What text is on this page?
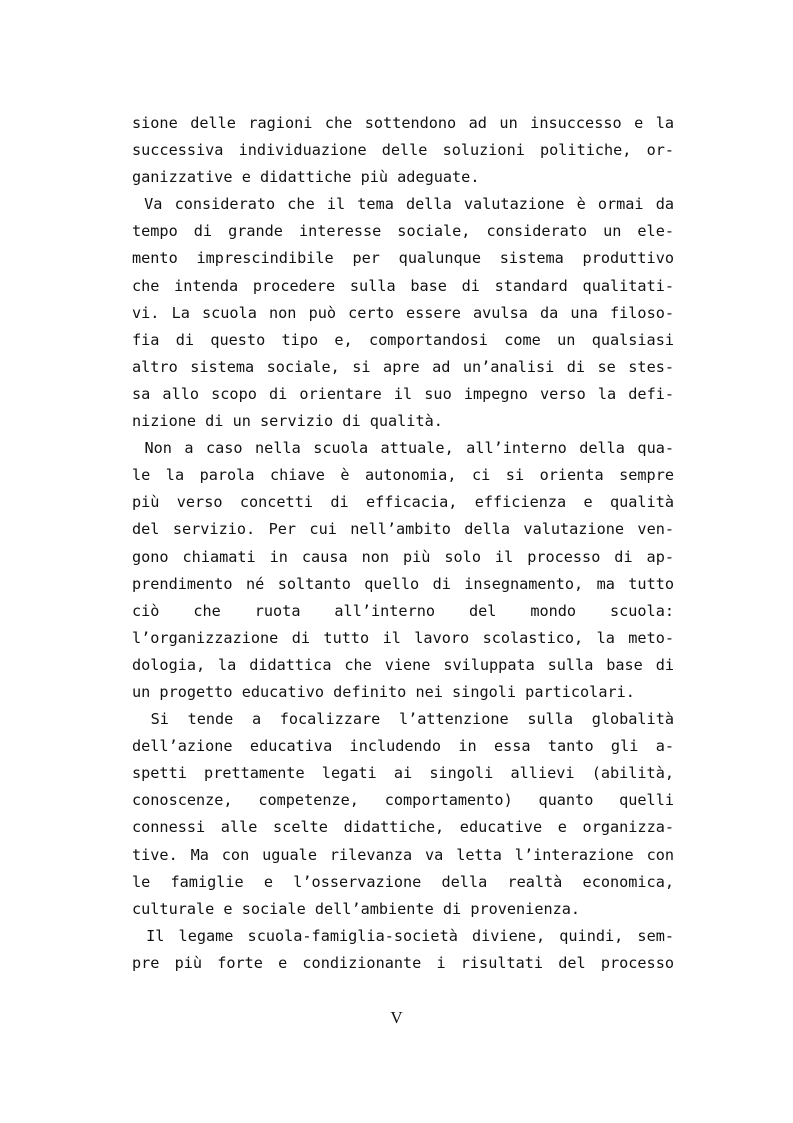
sione delle ragioni che sottendono ad un insuccesso e la
successiva individuazione delle soluzioni politiche, or-
ganizzative e didattiche più adeguate.
Va considerato che il tema della valutazione è ormai da
tempo di grande interesse sociale, considerato un ele-
mento imprescindibile per qualunque sistema produttivo
che intenda procedere sulla base di standard qualitati-
vi. La scuola non può certo essere avulsa da una filoso-
fia di questo tipo e, comportandosi come un qualsiasi
altro sistema sociale, si apre ad un’analisi di se stes-
sa allo scopo di orientare il suo impegno verso la defi-
nizione di un servizio di qualità.
Non a caso nella scuola attuale, all’interno della qua-
le la parola chiave è autonomia, ci si orienta sempre
più verso concetti di efficacia, efficienza e qualità
del servizio. Per cui nell’ambito della valutazione ven-
gono chiamati in causa non più solo il processo di ap-
prendimento né soltanto quello di insegnamento, ma tutto
ciò che ruota all’interno del mondo scuola:
l’organizzazione di tutto il lavoro scolastico, la meto-
dologia, la didattica che viene sviluppata sulla base di
un progetto educativo definito nei singoli particolari.
Si tende a focalizzare l’attenzione sulla globalità
dell’azione educativa includendo in essa tanto gli a-
spetti prettamente legati ai singoli allievi (abilità,
conoscenze, competenze, comportamento) quanto quelli
connessi alle scelte didattiche, educative e organizza-
tive. Ma con uguale rilevanza va letta l’interazione con
le famiglie e l’osservazione della realtà economica,
culturale e sociale dell’ambiente di provenienza.
Il legame scuola-famiglia-società diviene, quindi, sem-
pre più forte e condizionante i risultati del processo
V
